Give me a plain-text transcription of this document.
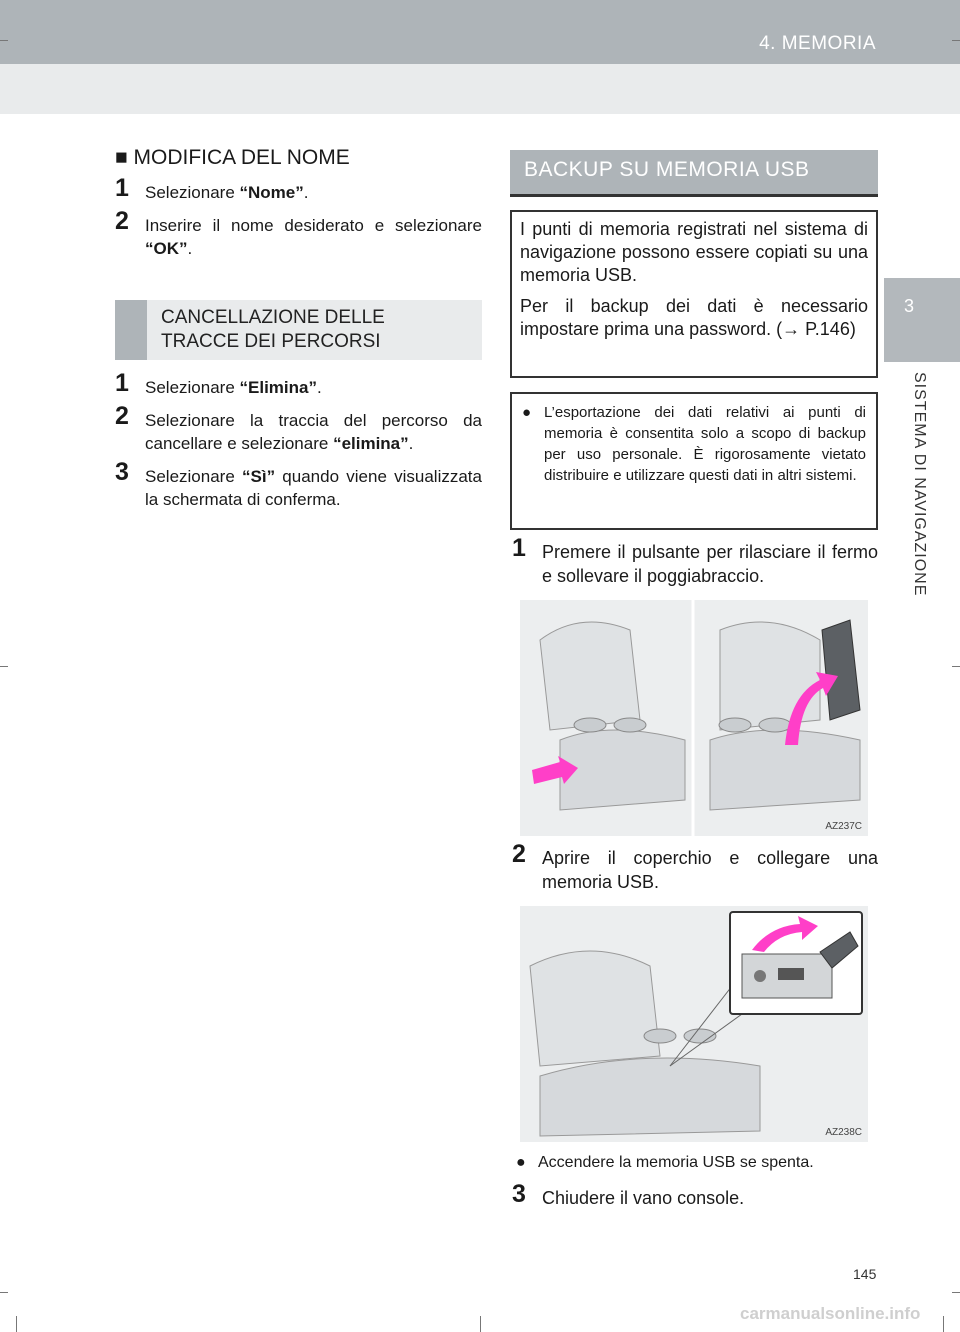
4. MEMORIA
3
SISTEMA DI NAVIGAZIONE

■ MODIFICA DEL NOME

1 Selezionare “Nome”.
2 Inserire il nome desiderato e selezionare “OK”.
CANCELLAZIONE DELLE
TRACCE DEI PERCORSI
1 Selezionare “Elimina”.
2 Selezionare la traccia del percorso da cancellare e selezionare “elimina”.
3 Selezionare “Sì” quando viene visualizzata la schermata di conferma.
BACKUP SU MEMORIA USB
I punti di memoria registrati nel sistema di navigazione possono essere copiati su una memoria USB.
Per il backup dei dati è necessario impostare prima una password. (→ P.146)
● L’esportazione dei dati relativi ai punti di memoria è consentita solo a scopo di backup per uso personale. È rigorosamente vietato distribuire e utilizzare questi dati in altri sistemi.
1 Premere il pulsante per rilasciare il fermo e sollevare il poggiabraccio.
AZ237C
2 Aprire il coperchio e collegare una memoria USB.
AZ238C
● Accendere la memoria USB se spenta.
3 Chiudere il vano console.
145
carmanualsonline.info
